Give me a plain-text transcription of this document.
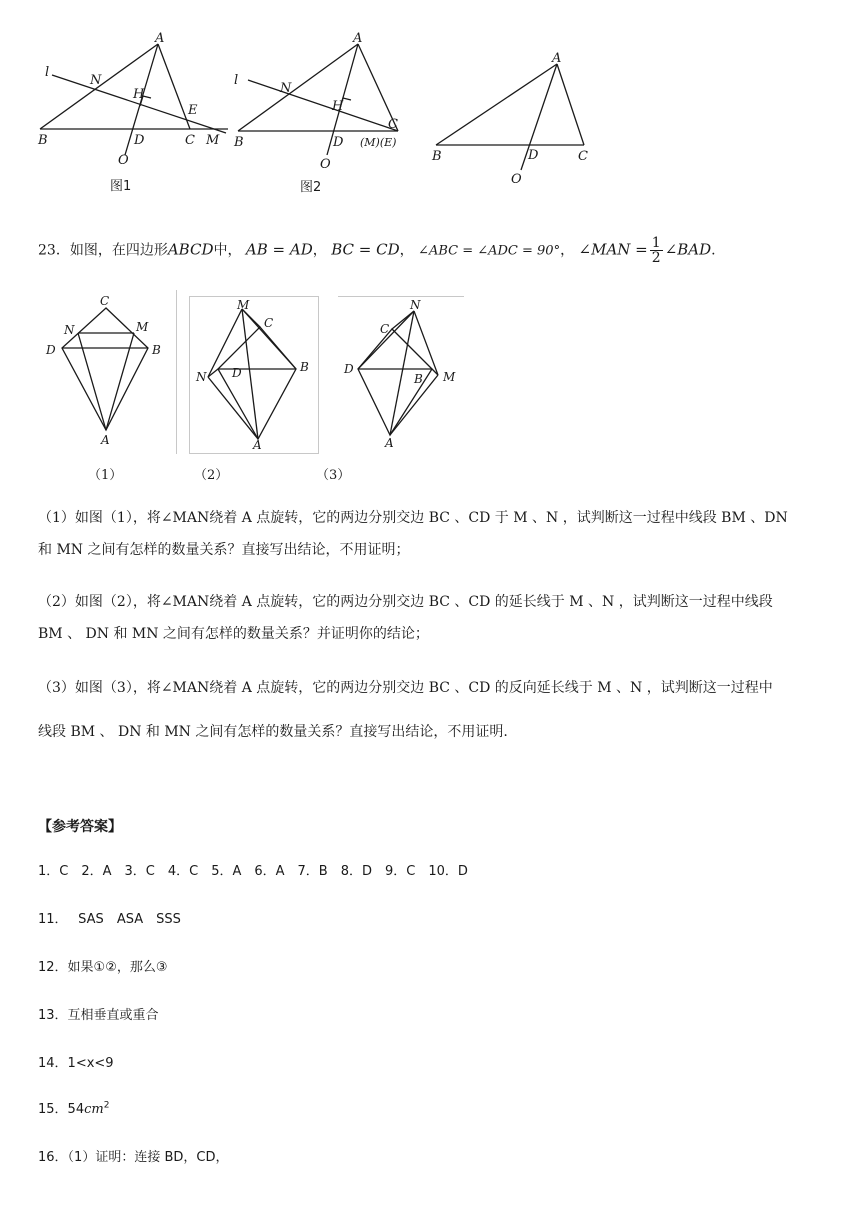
A
B	C
D
E
H
M
N
O
l
图1
A
B
C
D (M)(E)
H
N
O
l
图2
A
B	D	C
O
23．如图，在四边形ABCD中， AB = AD， BC = CD， ∠ABC = ∠ADC = 90°， ∠MAN = $\frac{1}{2}$ ∠BAD.
C
N	M
D	B
A
M
C
D	B
N
A
N
C
D
B M
A
（1）	（2）	（3）
（1）如图（1），将∠MAN绕着 A 点旋转，它的两边分别交边 BC 、CD 于 M 、N ，试判断这一过程中线段 BM 、DN
和 MN 之间有怎样的数量关系？直接写出结论，不用证明；
（2）如图（2），将∠MAN绕着 A 点旋转，它的两边分别交边 BC 、CD 的延长线于 M 、N ，试判断这一过程中线段
BM 、 DN 和 MN 之间有怎样的数量关系？并证明你的结论；
（3）如图（3），将∠MAN绕着 A 点旋转，它的两边分别交边 BC 、CD 的反向延长线于 M 、N ，试判断这一过程中
线段 BM 、 DN 和 MN 之间有怎样的数量关系？直接写出结论，不用证明.
【参考答案】
1．C　2．A　3．C　4．C　5．A　6．A　7．B　8．D　9．C　10．D
11．　 SAS　ASA　SSS
12．如果①②，那么③
13．互相垂直或重合
14．1<x<9
15．$54cm^2$
16．（1）证明：连接 BD，CD，
